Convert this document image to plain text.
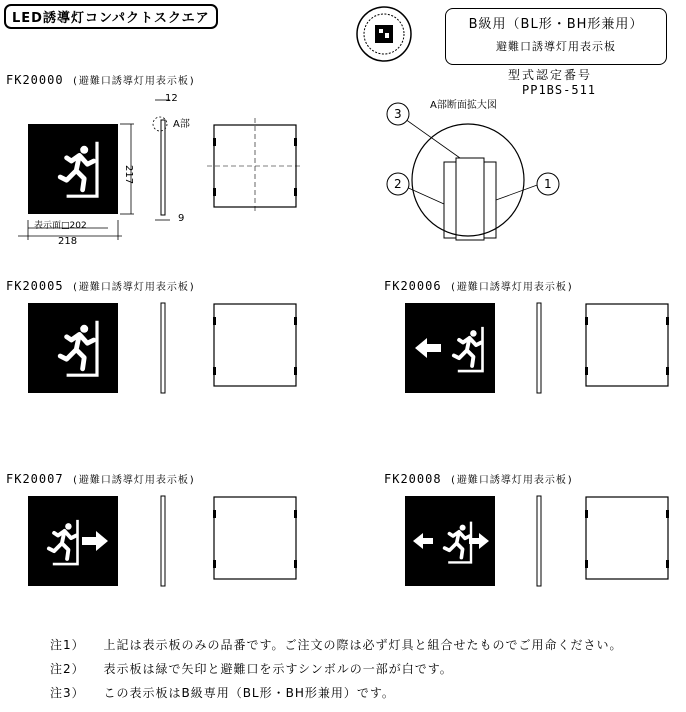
LED誘導灯コンパクトスクエア	B級用（BL形・BH形兼用）
避難口誘導灯用表示板
型式認定番号
PP1BS-511
FK20000 (避難口誘導灯用表示板)
FK20005 (避難口誘導灯用表示板)	FK20006 (避難口誘導灯用表示板)
FK20007 (避難口誘導灯用表示板)	FK20008 (避難口誘導灯用表示板)
12
A部
217
9
表示面□202
218
A部断面拡大図
3
2	1
注1） 上記は表示板のみの品番です。ご注文の際は必ず灯具と組合せたものでご用命ください。
注2） 表示板は緑で矢印と避難口を示すシンボルの一部が白です。
注3） この表示板はB級専用（BL形・BH形兼用）です。
